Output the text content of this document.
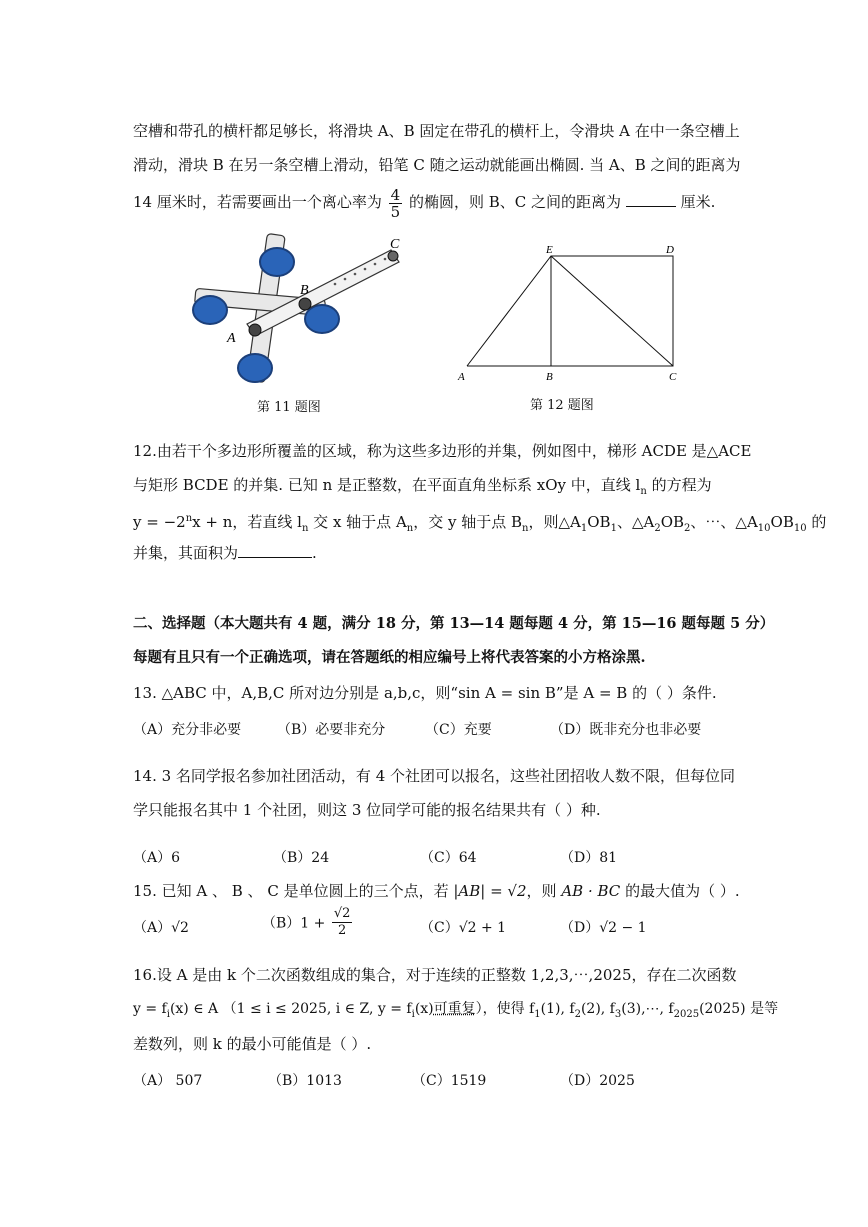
空槽和带孔的横杆都足够长，将滑块 A、B 固定在带孔的横杆上，令滑块 A 在中一条空槽上
滑动，滑块 B 在另一条空槽上滑动，铅笔 C 随之运动就能画出椭圆. 当 A、B 之间的距离为
14 厘米时，若需要画出一个离心率为 $\frac{4}{5}$ 的椭圆，则 B、C 之间的距离为	厘米.
A
B
C
第 11 题图
E	D
A	B	C
第 12 题图
12.由若干个多边形所覆盖的区域，称为这些多边形的并集，例如图中，梯形 ACDE 是△ACE
与矩形 BCDE 的并集. 已知 n 是正整数，在平面直角坐标系 xOy 中，直线 $l_n$ 的方程为
$y = -2^nx + n$，若直线 $l_n$ 交 x 轴于点 $A_n$，交 y 轴于点 $B_n$，则$\triangle A_1OB_1$、$\triangle A_2OB_2$、⋯、$\triangle A_{10}OB_{10}$ 的
并集，其面积为	.
二、选择题（本大题共有 4 题，满分 18 分，第 13—14 题每题 4 分，第 15—16 题每题 5 分）
每题有且只有一个正确选项，请在答题纸的相应编号上将代表答案的小方格涂黑.
13. △ABC 中，A,B,C 所对边分别是 a,b,c，则“sin A = sin B”是 A = B 的（ ）条件.
（A）充分非必要	（B）必要非充分	（C）充要	（D）既非充分也非必要
14. 3 名同学报名参加社团活动，有 4 个社团可以报名，这些社团招收人数不限，但每位同
学只能报名其中 1 个社团，则这 3 位同学可能的报名结果共有（ ）种.
（A）6	（B）24	（C）64	（D）81
15. 已知 A 、 B 、 C 是单位圆上的三个点，若 |AB| = √2，则 AB · BC 的最大值为（ ）.
（A）√2	$(B)1 + \frac{√2}{2}$	（C）√2 + 1	（D）√2 − 1
16.设 A 是由 k 个二次函数组成的集合，对于连续的正整数 1,2,3,⋯,2025，存在二次函数
$y = f_i(x)$ ∈ A （1 ≤ i ≤ 2025, i ∈ Z, $y = f_i(x)$可重复），使得 $f_1(1)$, $f_2(2)$, $f_3(3),\cdots$, $f_{2025}(2025)$ 是等
差数列，则 k 的最小可能值是（ ）.
（A） 507	（B）1013	（C）1519	（D）2025
